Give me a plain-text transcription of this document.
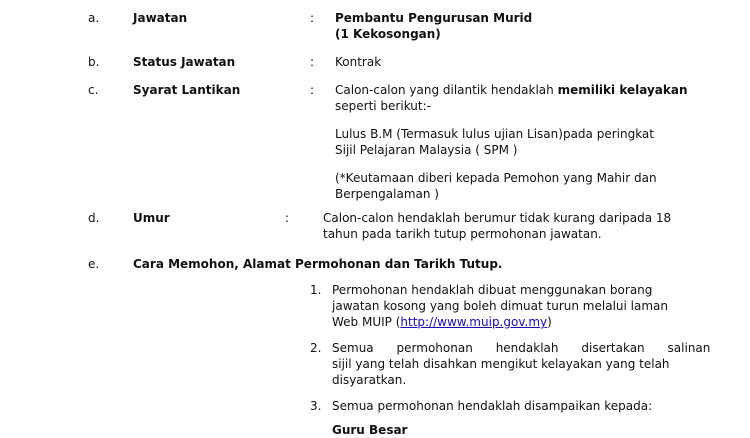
a.	Jawatan	: Pembantu Pengurusan Murid
(1 Kekosongan)
b.	Status Jawatan	: Kontrak
c.	Syarat Lantikan	: Calon-calon yang dilantik hendaklah memiliki kelayakan
seperti berikut:-
Lulus B.M (Termasuk lulus ujian Lisan)pada peringkat
Sijil Pelajaran Malaysia ( SPM )
(*Keutamaan diberi kepada Pemohon yang Mahir dan
Berpengalaman )
d.	Umur	:	Calon-calon hendaklah berumur tidak kurang daripada 18
tahun pada tarikh tutup permohonan jawatan.
e.	Cara Memohon, Alamat Permohonan dan Tarikh Tutup.
1. Permohonan hendaklah dibuat menggunakan borang
jawatan kosong yang boleh dimuat turun melalui laman
Web MUIP (http://www.muip.gov.my)
2. Semua      permohonan      hendaklah      disertakan      salinan
sijil yang telah disahkan mengikut kelayakan yang telah
disyaratkan.
3. Semua permohonan hendaklah disampaikan kepada:
Guru Besar
